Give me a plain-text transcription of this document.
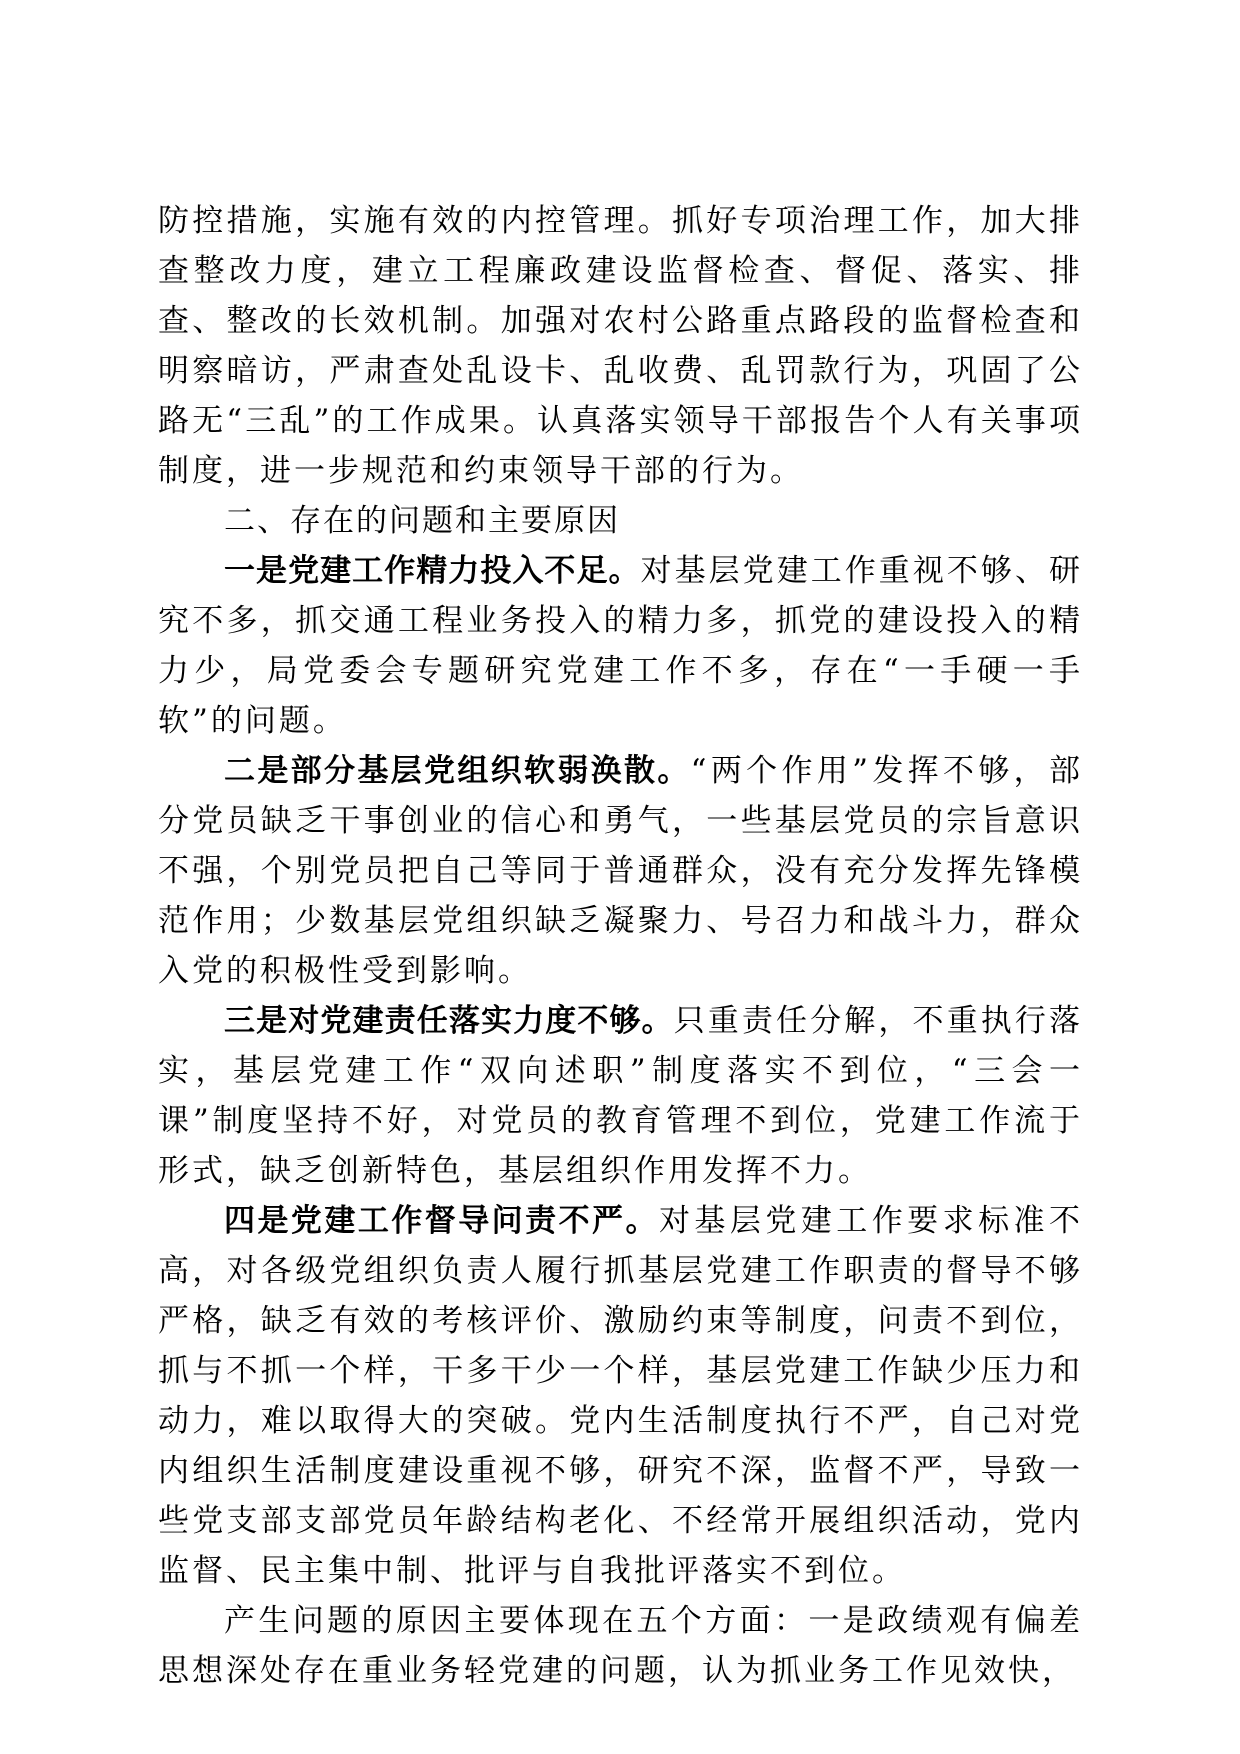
防控措施，实施有效的内控管理。抓好专项治理工作，加大排查整改力度，建立工程廉政建设监督检查、督促、落实、排查、整改的长效机制。加强对农村公路重点路段的监督检查和明察暗访，严肃查处乱设卡、乱收费、乱罚款行为，巩固了公路无“三乱”的工作成果。认真落实领导干部报告个人有关事项制度，进一步规范和约束领导干部的行为。

二、存在的问题和主要原因

一是党建工作精力投入不足。对基层党建工作重视不够、研究不多，抓交通工程业务投入的精力多，抓党的建设投入的精力少，局党委会专题研究党建工作不多，存在“一手硬一手软”的问题。

二是部分基层党组织软弱涣散。“两个作用”发挥不够，部分党员缺乏干事创业的信心和勇气，一些基层党员的宗旨意识不强，个别党员把自己等同于普通群众，没有充分发挥先锋模范作用；少数基层党组织缺乏凝聚力、号召力和战斗力，群众入党的积极性受到影响。

三是对党建责任落实力度不够。只重责任分解，不重执行落实，基层党建工作“双向述职”制度落实不到位，“三会一课”制度坚持不好，对党员的教育管理不到位，党建工作流于形式，缺乏创新特色，基层组织作用发挥不力。

四是党建工作督导问责不严。对基层党建工作要求标准不高，对各级党组织负责人履行抓基层党建工作职责的督导不够严格，缺乏有效的考核评价、激励约束等制度，问责不到位，抓与不抓一个样，干多干少一个样，基层党建工作缺少压力和动力，难以取得大的突破。党内生活制度执行不严，自己对党内组织生活制度建设重视不够，研究不深，监督不严，导致一些党支部支部党员年龄结构老化、不经常开展组织活动，党内监督、民主集中制、批评与自我批评落实不到位。

产生问题的原因主要体现在五个方面：一是政绩观有偏差思想深处存在重业务轻党建的问题，认为抓业务工作见效快，
